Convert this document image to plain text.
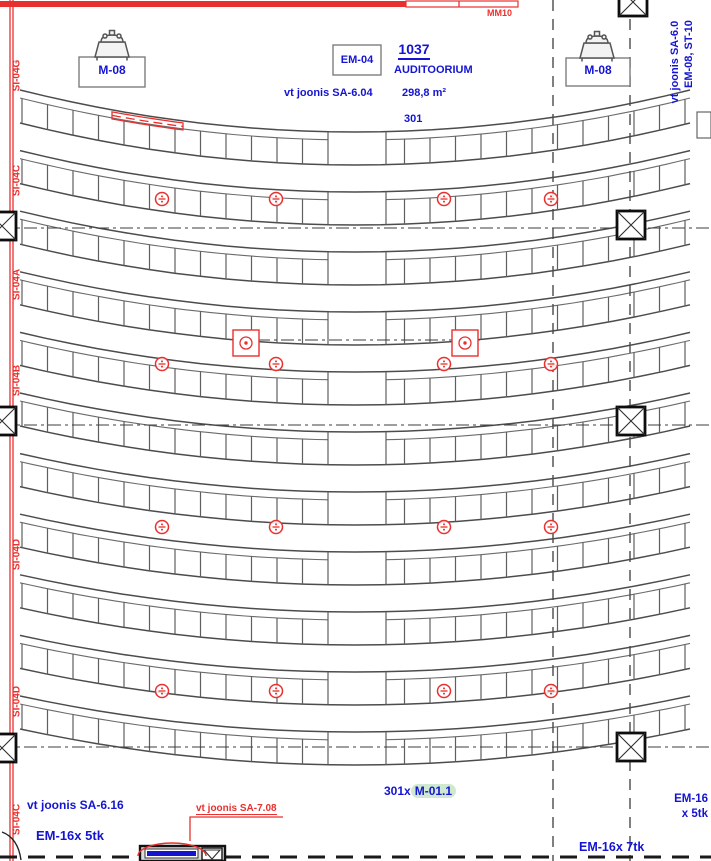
MM10
M-08	M-08
EM-04
1037
AUDITOORIUM
vt joonis SA-6.04	298,8 m²
301
vt joonis SA-6.0 EM-08, ST-10
SI-04G
SI-04C
SI-04A
SI-04B
SI-04D
SI-04D
SI-04C vt joonis SA-6.16
EM-16x 5tk
vt joonis SA-7.08
301x M-01.1
EM-16
x 5tk
EM-16x 7tk
